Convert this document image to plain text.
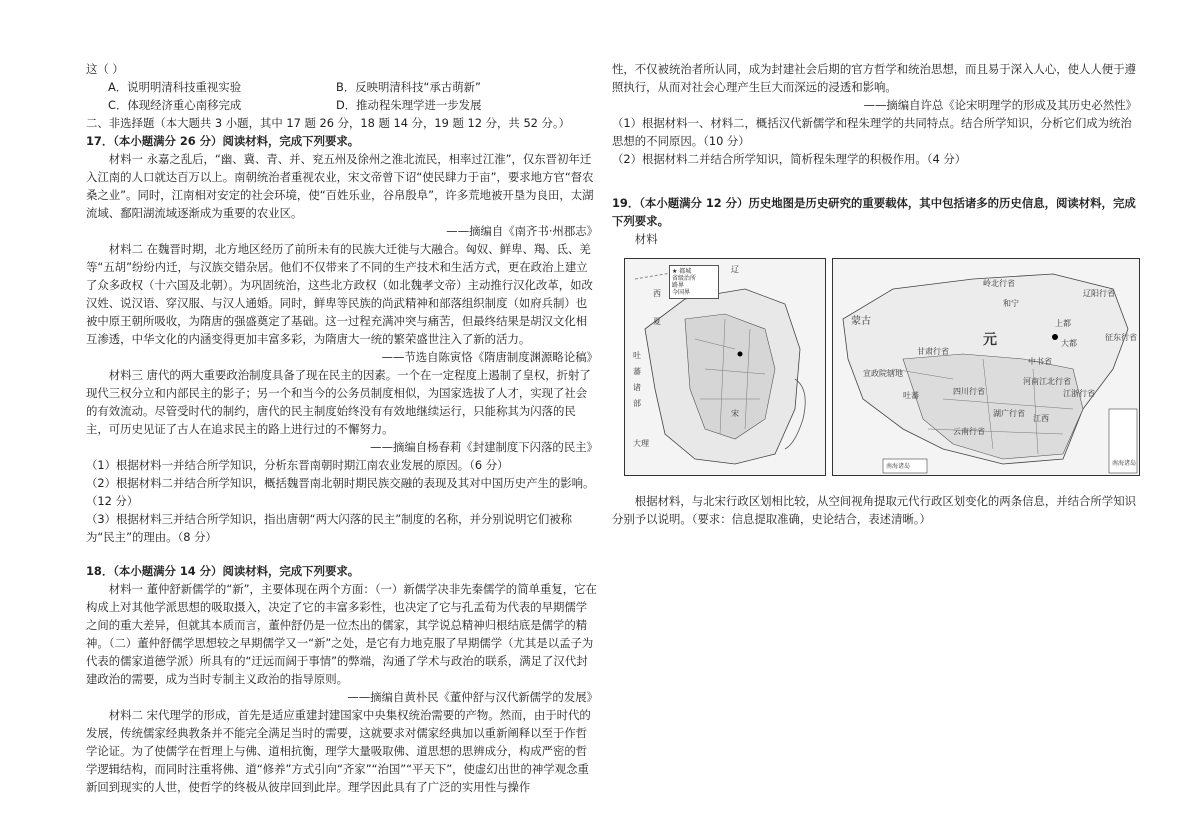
这（ ）

A．说明明清科技重视实验	B．反映明清科技“承古萌新”
C．体现经济重心南移完成	D．推动程朱理学进一步发展

二、非选择题（本大题共 3 小题，其中 17 题 26 分，18 题 14 分，19 题 12 分，共 52 分。）

17．（本小题满分 26 分）阅读材料，完成下列要求。

材料一 永嘉之乱后，“幽、冀、青、并、兖五州及徐州之淮北流民，相率过江淮”，仅东晋初年迁入江南的人口就达百万以上。南朝统治者重视农业，宋文帝曾下诏“使民肆力于亩”，要求地方官“督农桑之业”。同时，江南相对安定的社会环境，使“百姓乐业，谷帛殷阜”，许多荒地被开垦为良田，太湖流域、鄱阳湖流域逐渐成为重要的农业区。

——摘编自《南齐书·州郡志》

材料二 在魏晋时期，北方地区经历了前所未有的民族大迁徙与大融合。匈奴、鲜卑、羯、氐、羌等“五胡”纷纷内迁，与汉族交错杂居。他们不仅带来了不同的生产技术和生活方式，更在政治上建立了众多政权（十六国及北朝）。为巩固统治，这些北方政权（如北魏孝文帝）主动推行汉化改革，如改汉姓、说汉语、穿汉服、与汉人通婚。同时，鲜卑等民族的尚武精神和部落组织制度（如府兵制）也被中原王朝所吸收，为隋唐的强盛奠定了基础。这一过程充满冲突与痛苦，但最终结果是胡汉文化相互渗透，中华文化的内涵变得更加丰富多彩，为隋唐大一统的繁荣盛世注入了新的活力。

——节选自陈寅恪《隋唐制度渊源略论稿》

材料三 唐代的两大重要政治制度具备了现在民主的因素。一个在一定程度上遏制了皇权，折射了现代三权分立和内部民主的影子；另一个和当今的公务员制度相似，为国家选拔了人才，实现了社会的有效流动。尽管受时代的制约，唐代的民主制度始终没有有效地继续运行，只能称其为闪落的民主，可历史见证了古人在追求民主的路上进行过的不懈努力。

——摘编自杨春莉《封建制度下闪落的民主》

（1）根据材料一并结合所学知识，分析东晋南朝时期江南农业发展的原因。（6 分）

（2）根据材料二并结合所学知识，概括魏晋南北朝时期民族交融的表现及其对中国历史产生的影响。（12 分）

（3）根据材料三并结合所学知识，指出唐朝“两大闪落的民主”制度的名称，并分别说明它们被称为“民主”的理由。（8 分）

18．（本小题满分 14 分）阅读材料，完成下列要求。

材料一 董仲舒新儒学的“新”，主要体现在两个方面：（一）新儒学决非先秦儒学的简单重复，它在构成上对其他学派思想的吸取摄入，决定了它的丰富多彩性，也决定了它与孔孟荀为代表的早期儒学之间的重大差异，但就其本质而言，董仲舒仍是一位杰出的儒家，其学说总精神归根结底是儒学的精神。（二）董仲舒儒学思想较之早期儒学又一“新”之处，是它有力地克服了早期儒学（尤其是以孟子为代表的儒家道德学派）所具有的“迂远而阔于事情”的弊端，沟通了学术与政治的联系，满足了汉代封建政治的需要，成为当时专制主义政治的指导原则。

——摘编自黄朴民《董仲舒与汉代新儒学的发展》

材料二 宋代理学的形成，首先是适应重建封建国家中央集权统治需要的产物。然而，由于时代的发展，传统儒家经典教条并不能完全满足当时的需要，这就要求对儒家经典加以重新阐释以至于作哲学论证。为了使儒学在哲理上与佛、道相抗衡，理学大量吸取佛、道思想的思辨成分，构成严密的哲学逻辑结构，而同时注重将佛、道“修养”方式引向“齐家”“治国”“平天下”，使虚幻出世的神学观念重新回到现实的人世，使哲学的终极从彼岸回到此岸。理学因此具有了广泛的实用性与操作

性，不仅被统治者所认同，成为封建社会后期的官方哲学和统治思想，而且易于深入人心，使人人便于遵照执行，从而对社会心理产生巨大而深远的浸透和影响。

——摘编自许总《论宋明理学的形成及其历史必然性》

（1）根据材料一、材料二，概括汉代新儒学和程朱理学的共同特点。结合所学知识，分析它们成为统治思想的不同原因。（10 分）

（2）根据材料二并结合所学知识，简析程朱理学的积极作用。（4 分）

19．（本小题满分 12 分）历史地图是历史研究的重要载体，其中包括诸多的历史信息，阅读材料，完成下列要求。

材料

★ 都城
省级治所
路界
今国界
辽
西
夏
宋
大理
吐
蕃
诸
部
岭北行省
蒙古
元	大都
上都
甘肃行省
吐蕃
云南行省
江浙行省
江西
湖广行省
辽阳行省
和宁
中书省
河南江北行省
四川行省
宣政院辖地
征东行省
南海诸岛
南海诸岛

根据材料，与北宋行政区划相比较，从空间视角提取元代行政区划变化的两条信息，并结合所学知识分别予以说明。（要求：信息提取准确，史论结合，表述清晰。）
